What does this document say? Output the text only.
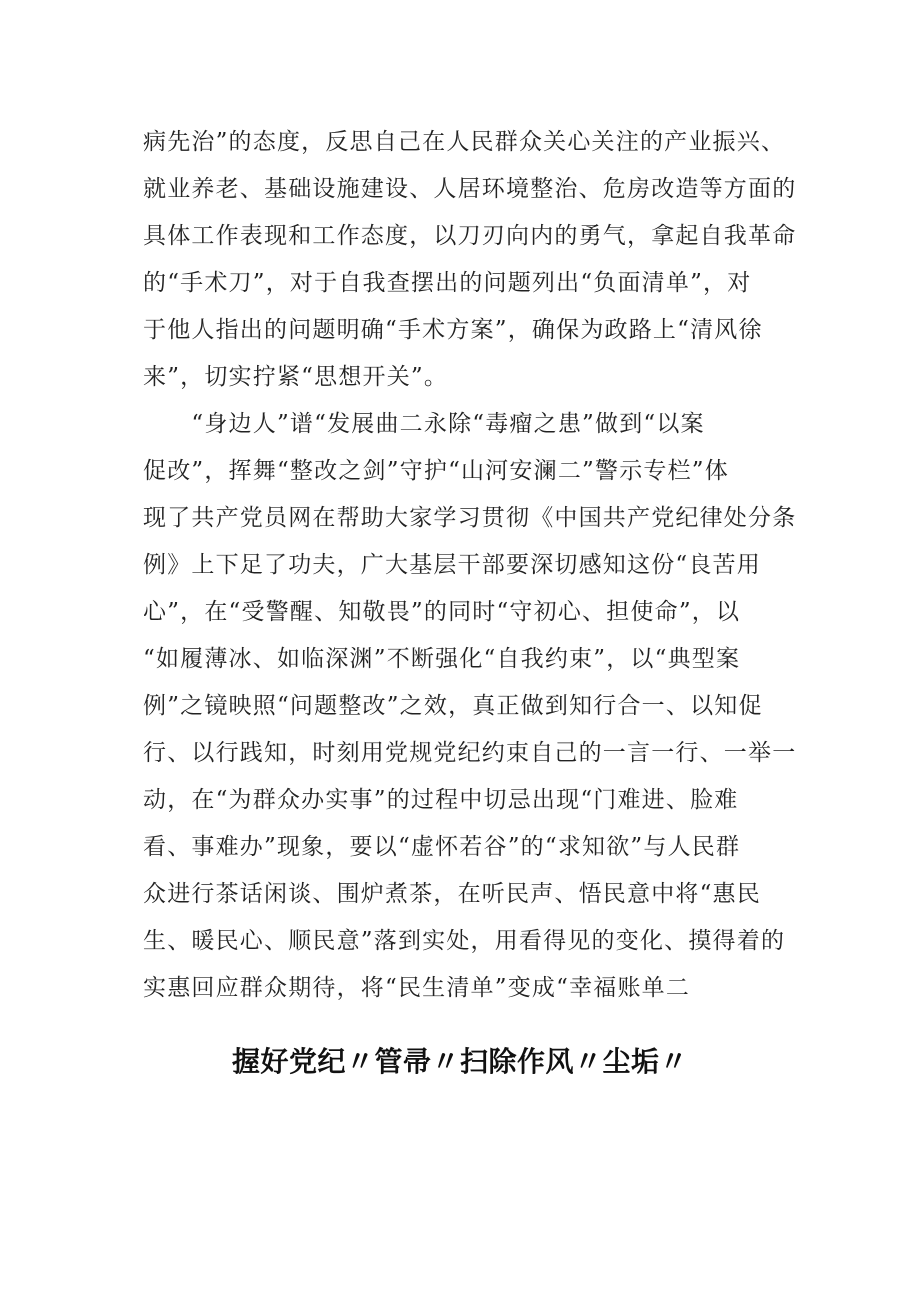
病先治”的态度，反思自己在人民群众关心关注的产业振兴、
就业养老、基础设施建设、人居环境整治、危房改造等方面的
具体工作表现和工作态度，以刀刃向内的勇气，拿起自我革命
的“手术刀”，对于自我查摆出的问题列出“负面清单”，对
于他人指出的问题明确“手术方案”，确保为政路上“清风徐
来”，切实拧紧“思想开关”。
　　“身边人”谱“发展曲二永除“毒瘤之患”做到“以案
促改”，挥舞“整改之剑”守护“山河安澜二”警示专栏”体
现了共产党员网在帮助大家学习贯彻《中国共产党纪律处分条
例》上下足了功夫，广大基层干部要深切感知这份“良苦用
心”，在“受警醒、知敬畏”的同时“守初心、担使命”，以
“如履薄冰、如临深渊”不断强化“自我约束”，以“典型案
例”之镜映照“问题整改”之效，真正做到知行合一、以知促
行、以行践知，时刻用党规党纪约束自己的一言一行、一举一
动，在“为群众办实事”的过程中切忌出现“门难进、脸难
看、事难办”现象，要以“虚怀若谷”的“求知欲”与人民群
众进行茶话闲谈、围炉煮茶，在听民声、悟民意中将“惠民
生、暖民心、顺民意”落到实处，用看得见的变化、摸得着的
实惠回应群众期待，将“民生清单”变成“幸福账单二
握好党纪〃管帚〃扫除作风〃尘垢〃
